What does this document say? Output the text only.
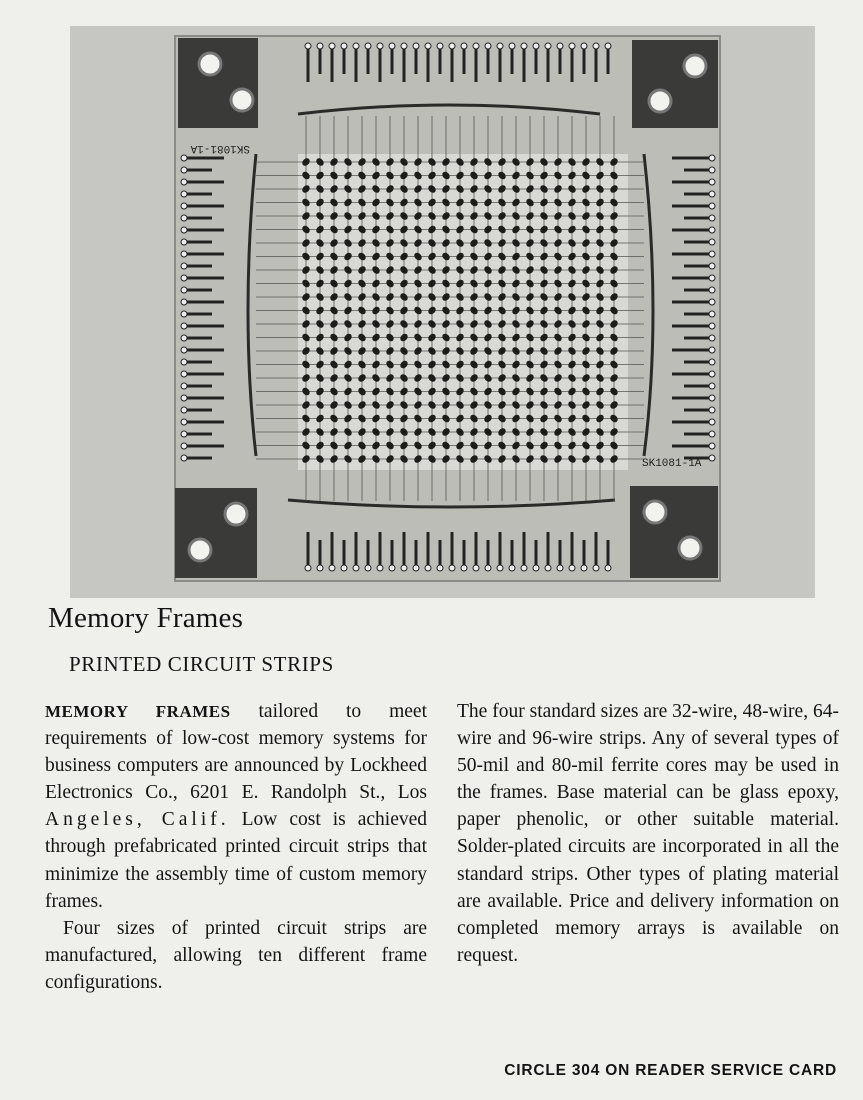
SK1081-1A
SK1081-1A
Memory Frames
PRINTED CIRCUIT STRIPS

MEMORY FRAMES tailored to meet requirements of low-cost memory systems for business computers are announced by Lockheed Electronics Co., 6201 E. Randolph St., Los Angeles, Calif. Low cost is achieved through prefabricated printed circuit strips that minimize the assembly time of custom memory frames.

Four sizes of printed circuit strips are manufactured, allowing ten different frame configurations.

The four standard sizes are 32-wire, 48-wire, 64-wire and 96-wire strips. Any of several types of 50-mil and 80-mil ferrite cores may be used in the frames. Base material can be glass epoxy, paper phenolic, or other suitable material. Solder-plated circuits are incorporated in all the standard strips. Other types of plating material are available. Price and delivery information on completed memory arrays is available on request.

CIRCLE 304 ON READER SERVICE CARD
